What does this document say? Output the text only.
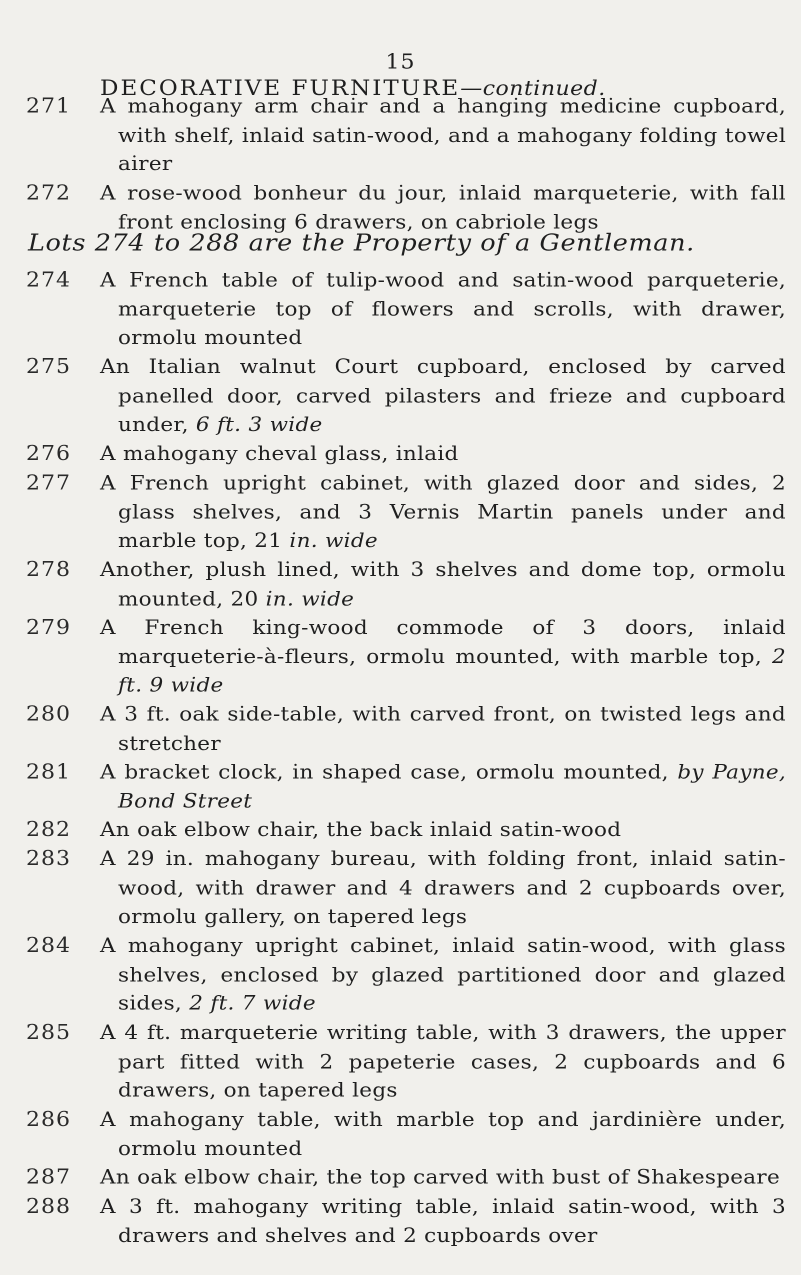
15
DECORATIVE FURNITURE—continued.
271	A mahogany arm chair and a hanging medicine cupboard, with shelf, inlaid satin-wood, and a mahogany folding towel airer
272	A rose-wood bonheur du jour, inlaid marqueterie, with fall front enclosing 6 drawers, on cabriole legs
Lots 274 to 288 are the Property of a Gentleman.
274	A French table of tulip-wood and satin-wood parqueterie, marqueterie top of flowers and scrolls, with drawer, ormolu mounted
275	An Italian walnut Court cupboard, enclosed by carved panelled door, carved pilasters and frieze and cupboard under, 6 ft. 3 wide
276	A mahogany cheval glass, inlaid
277	A French upright cabinet, with glazed door and sides, 2 glass shelves, and 3 Vernis Martin panels under and marble top, 21 in. wide
278	Another, plush lined, with 3 shelves and dome top, ormolu mounted, 20 in. wide
279	A French king-wood commode of 3 doors, inlaid marqueterie-à-fleurs, ormolu mounted, with marble top, 2 ft. 9 wide
280	A 3 ft. oak side-table, with carved front, on twisted legs and stretcher
281	A bracket clock, in shaped case, ormolu mounted, by Payne, Bond Street
282	An oak elbow chair, the back inlaid satin-wood
283	A 29 in. mahogany bureau, with folding front, inlaid satin-wood, with drawer and 4 drawers and 2 cupboards over, ormolu gallery, on tapered legs
284	A mahogany upright cabinet, inlaid satin-wood, with glass shelves, enclosed by glazed partitioned door and glazed sides, 2 ft. 7 wide
285	A 4 ft. marqueterie writing table, with 3 drawers, the upper part fitted with 2 papeterie cases, 2 cupboards and 6 drawers, on tapered legs
286	A mahogany table, with marble top and jardinière under, ormolu mounted
287	An oak elbow chair, the top carved with bust of Shakespeare
288	A 3 ft. mahogany writing table, inlaid satin-wood, with 3 drawers and shelves and 2 cupboards over
